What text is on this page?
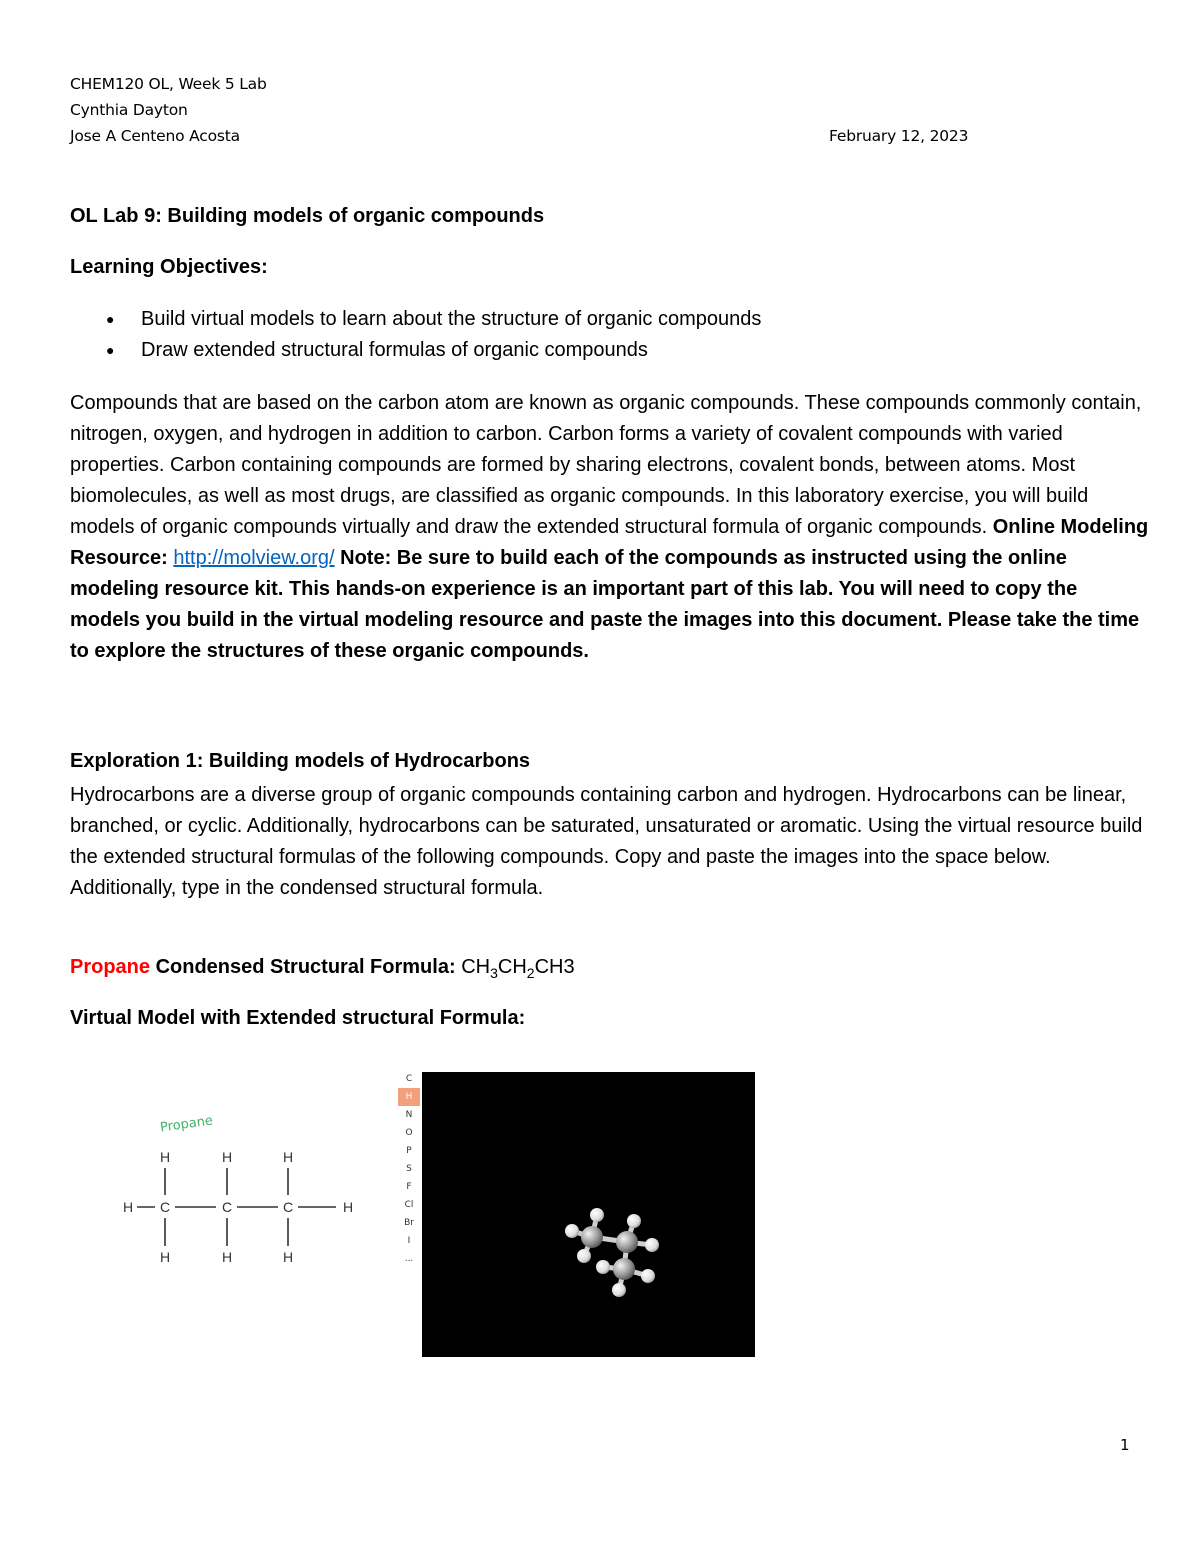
CHEM120 OL, Week 5 Lab
Cynthia Dayton
Jose A Centeno Acosta	February 12, 2023
OL Lab 9: Building models of organic compounds
Learning Objectives:
● Build virtual models to learn about the structure of organic compounds
● Draw extended structural formulas of organic compounds

Compounds that are based on the carbon atom are known as organic compounds. These compounds commonly contain, nitrogen, oxygen, and hydrogen in addition to carbon. Carbon forms a variety of covalent compounds with varied properties. Carbon containing compounds are formed by sharing electrons, covalent bonds, between atoms. Most biomolecules, as well as most drugs, are classified as organic compounds. In this laboratory exercise, you will build models of organic compounds virtually and draw the extended structural formula of organic compounds. Online Modeling Resource: http://molview.org/ Note: Be sure to build each of the compounds as instructed using the online modeling resource kit. This hands-on experience is an important part of this lab. You will need to copy the models you build in the virtual modeling resource and paste the images into this document. Please take the time to explore the structures of these organic compounds.

Exploration 1: Building models of Hydrocarbons

Hydrocarbons are a diverse group of organic compounds containing carbon and hydrogen. Hydrocarbons can be linear, branched, or cyclic. Additionally, hydrocarbons can be saturated, unsaturated or aromatic. Using the virtual resource build the extended structural formulas of the following compounds. Copy and paste the images into the space below. Additionally, type in the condensed structural formula.

Propane Condensed Structural Formula: $CH_3CH_2CH3$
Virtual Model with Extended structural Formula:
Propane
H	H	H
H C	C	C	H
H	H	H
C
H
N
O
P
S
F
Cl
Br
I
...
1
